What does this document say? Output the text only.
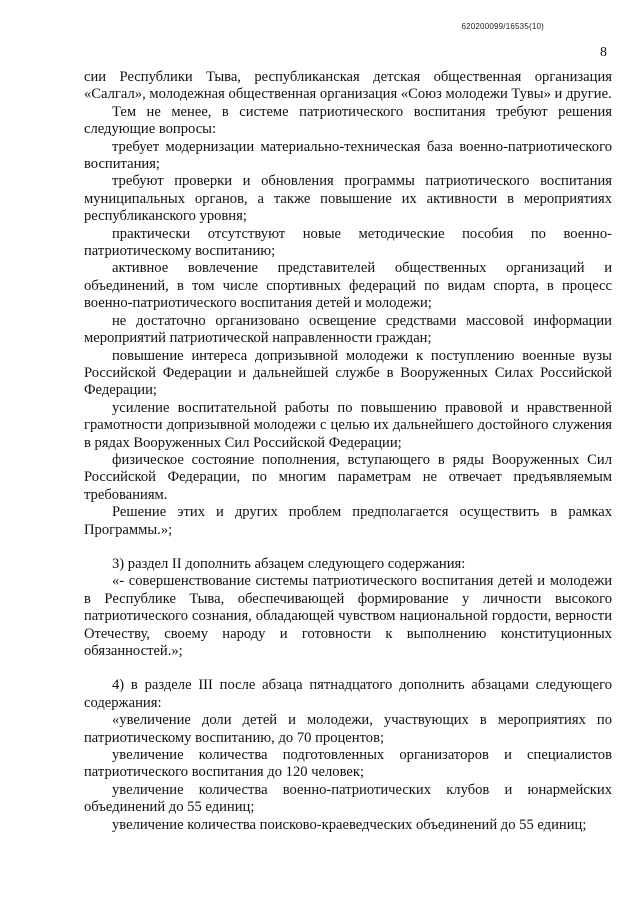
620200099/16535(10)
8

сии Республики Тыва, республиканская детская общественная организация «Салгал», молодежная общественная организация «Союз молодежи Тувы» и другие.

Тем не менее, в системе патриотического воспитания требуют решения следующие вопросы:

требует модернизации материально-техническая база военно-патриотического воспитания;

требуют проверки и обновления программы патриотического воспитания муниципальных органов, а также повышение их активности в мероприятиях республиканского уровня;

практически отсутствуют новые методические пособия по военно-патриотическому воспитанию;

активное вовлечение представителей общественных организаций и объединений, в том числе спортивных федераций по видам спорта, в процесс военно-патриотического воспитания детей и молодежи;

не достаточно организовано освещение средствами массовой информации мероприятий патриотической направленности граждан;

повышение интереса допризывной молодежи к поступлению военные вузы Российской Федерации и дальнейшей службе в Вооруженных Силах Российской Федерации;

усиление воспитательной работы по повышению правовой и нравственной грамотности допризывной молодежи с целью их дальнейшего достойного служения в рядах Вооруженных Сил Российской Федерации;

физическое состояние пополнения, вступающего в ряды Вооруженных Сил Российской Федерации, по многим параметрам не отвечает предъявляемым требованиям.

Решение этих и других проблем предполагается осуществить в рамках Программы.»;

3) раздел II дополнить абзацем следующего содержания:

«- совершенствование системы патриотического воспитания детей и молодежи в Республике Тыва, обеспечивающей формирование у личности высокого патриотического сознания, обладающей чувством национальной гордости, верности Отечеству, своему народу и готовности к выполнению конституционных обязанностей.»;

4) в разделе III после абзаца пятнадцатого дополнить абзацами следующего содержания:

«увеличение доли детей и молодежи, участвующих в мероприятиях по патриотическому воспитанию, до 70 процентов;

увеличение количества подготовленных организаторов и специалистов патриотического воспитания до 120 человек;

увеличение количества военно-патриотических клубов и юнармейских объединений до 55 единиц;

увеличение количества поисково-краеведческих объединений до 55 единиц;
